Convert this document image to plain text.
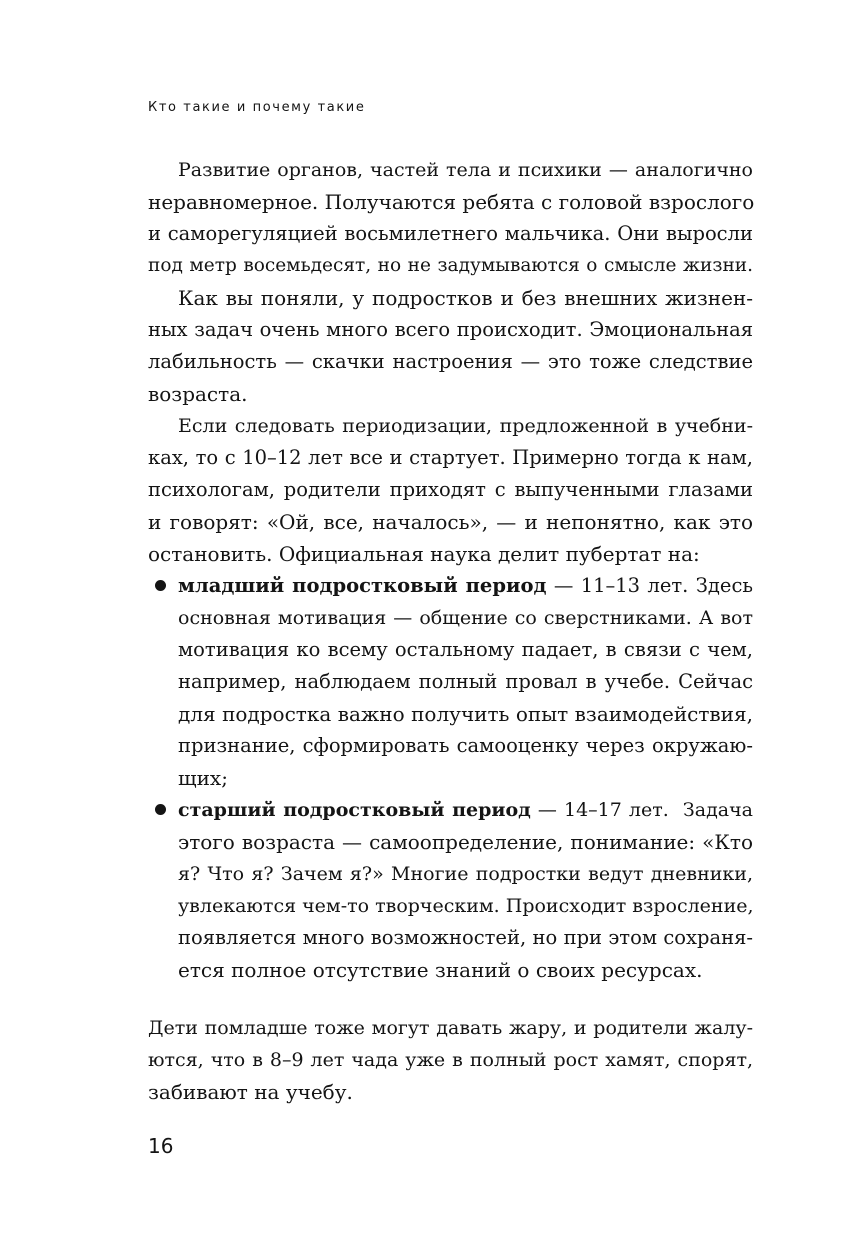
Кто такие и почему такие
Развитие органов, частей тела и психики — аналогично
неравномерное. Получаются ребята с головой взрослого
и саморегуляцией восьмилетнего мальчика. Они выросли
под метр восемьдесят, но не задумываются о смысле жизни.
Как вы поняли, у подростков и без внешних жизнен-
ных задач очень много всего происходит. Эмоциональная
лабильность — скачки настроения — это тоже следствие
возраста.
Если следовать периодизации, предложенной в учебни-
ках, то с 10–12 лет все и стартует. Примерно тогда к нам,
психологам, родители приходят с выпученными глазами
и говорят: «Ой, все, началось», — и непонятно, как это
остановить. Официальная наука делит пубертат на:
младший подростковый период — 11–13 лет. Здесь
основная мотивация — общение со сверстниками. А вот
мотивация ко всему остальному падает, в связи с чем,
например, наблюдаем полный провал в учебе. Сейчас
для подростка важно получить опыт взаимодействия,
признание, сформировать самооценку через окружаю-
щих;
старший подростковый период — 14–17 лет.  Задача
этого возраста — самоопределение, понимание: «Кто
я? Что я? Зачем я?» Многие подростки ведут дневники,
увлекаются чем-то творческим. Происходит взросление,
появляется много возможностей, но при этом сохраня-
ется полное отсутствие знаний о своих ресурсах.
Дети помладше тоже могут давать жару, и родители жалу-
ются, что в 8–9 лет чада уже в полный рост хамят, спорят,
забивают на учебу.
16
